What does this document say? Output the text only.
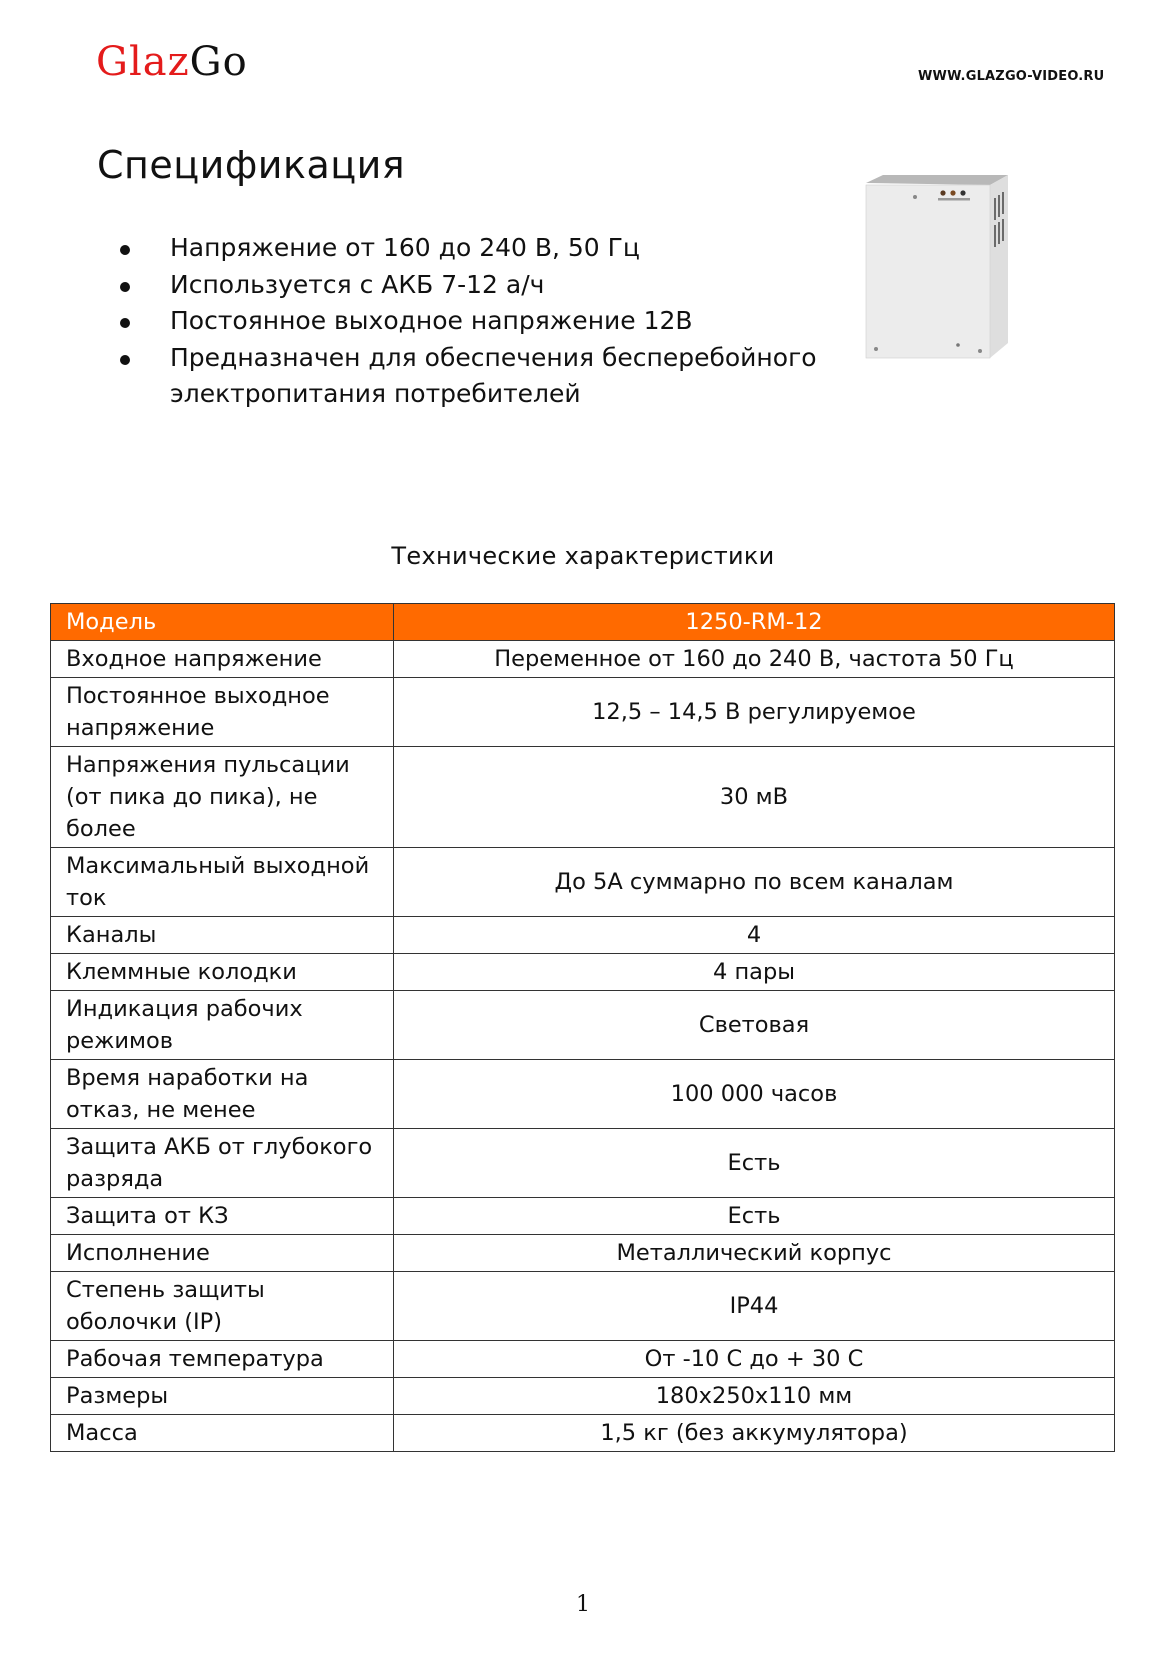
GlazGo	WWW.GLAZGO-VIDEO.RU
Спецификация
Напряжение от 160 до 240 В, 50 Гц
Используется с АКБ 7-12 а/ч
Постоянное выходное напряжение 12В
Предназначен для обеспечения бесперебойного электропитания потребителей
Технические характеристики
Модель	1250-RM-12
Входное напряжение	Переменное от 160 до 240 В, частота 50 Гц
Постоянное выходное напряжение	12,5 – 14,5 В регулируемое
Напряжения пульсации (от пика до пика), не более	30 мВ
Максимальный выходной ток	До 5А суммарно по всем каналам
Каналы	4
Клеммные колодки	4 пары
Индикация рабочих режимов	Световая
Время наработки на отказ, не менее	100 000 часов
Защита АКБ от глубокого разряда	Есть
Защита от КЗ	Есть
Исполнение	Металлический корпус
Степень защиты оболочки (IP)	IP44
Рабочая температура	От -10 С до + 30 С
Размеры	180x250x110 мм
Масса	1,5 кг (без аккумулятора)
1
